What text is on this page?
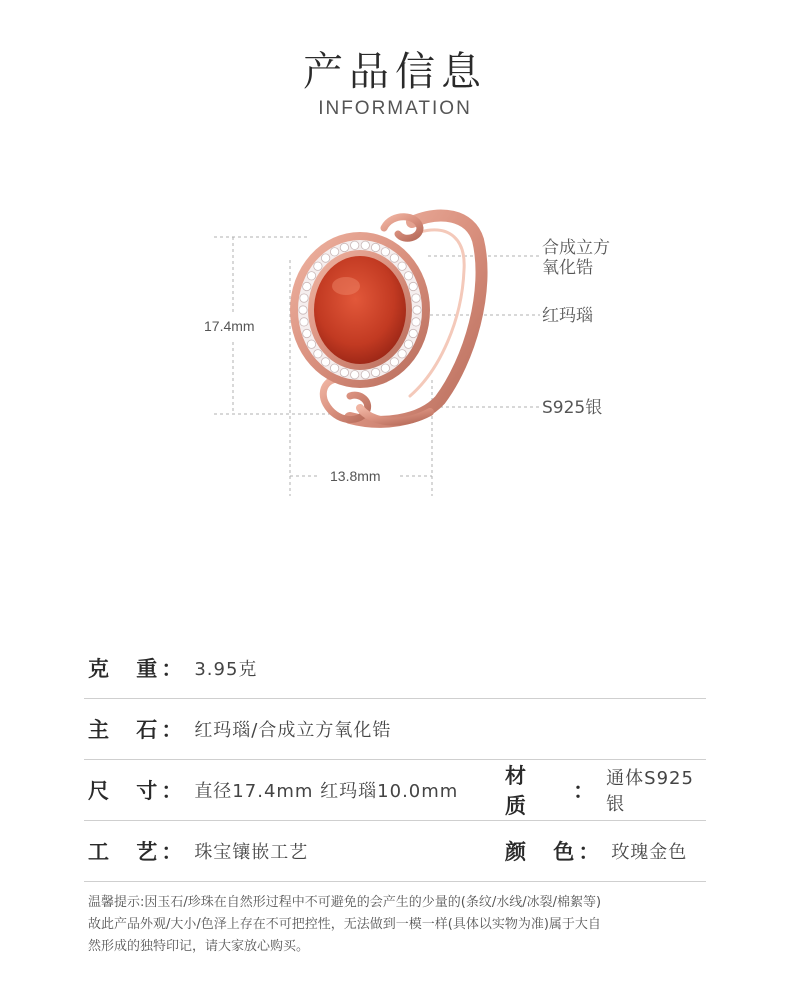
产品信息
INFORMATION
17.4mm
13.8mm
合成立方
氧化锆
红玛瑙
S925银
克 重
： 3.95克
主 石
： 红玛瑙/合成立方氧化锆
尺 寸
： 直径17.4mm 红玛瑙10.0mm
材 质
：
通体S925银
工 艺
： 珠宝镶嵌工艺	颜 色
： 玫瑰金色
温馨提示:因玉石/珍珠在自然形过程中不可避免的会产生的少量的(条纹/水线/冰裂/棉絮等)
故此产品外观/大小/色泽上存在不可把控性，无法做到一模一样(具体以实物为准)属于大自
然形成的独特印记，请大家放心购买。
